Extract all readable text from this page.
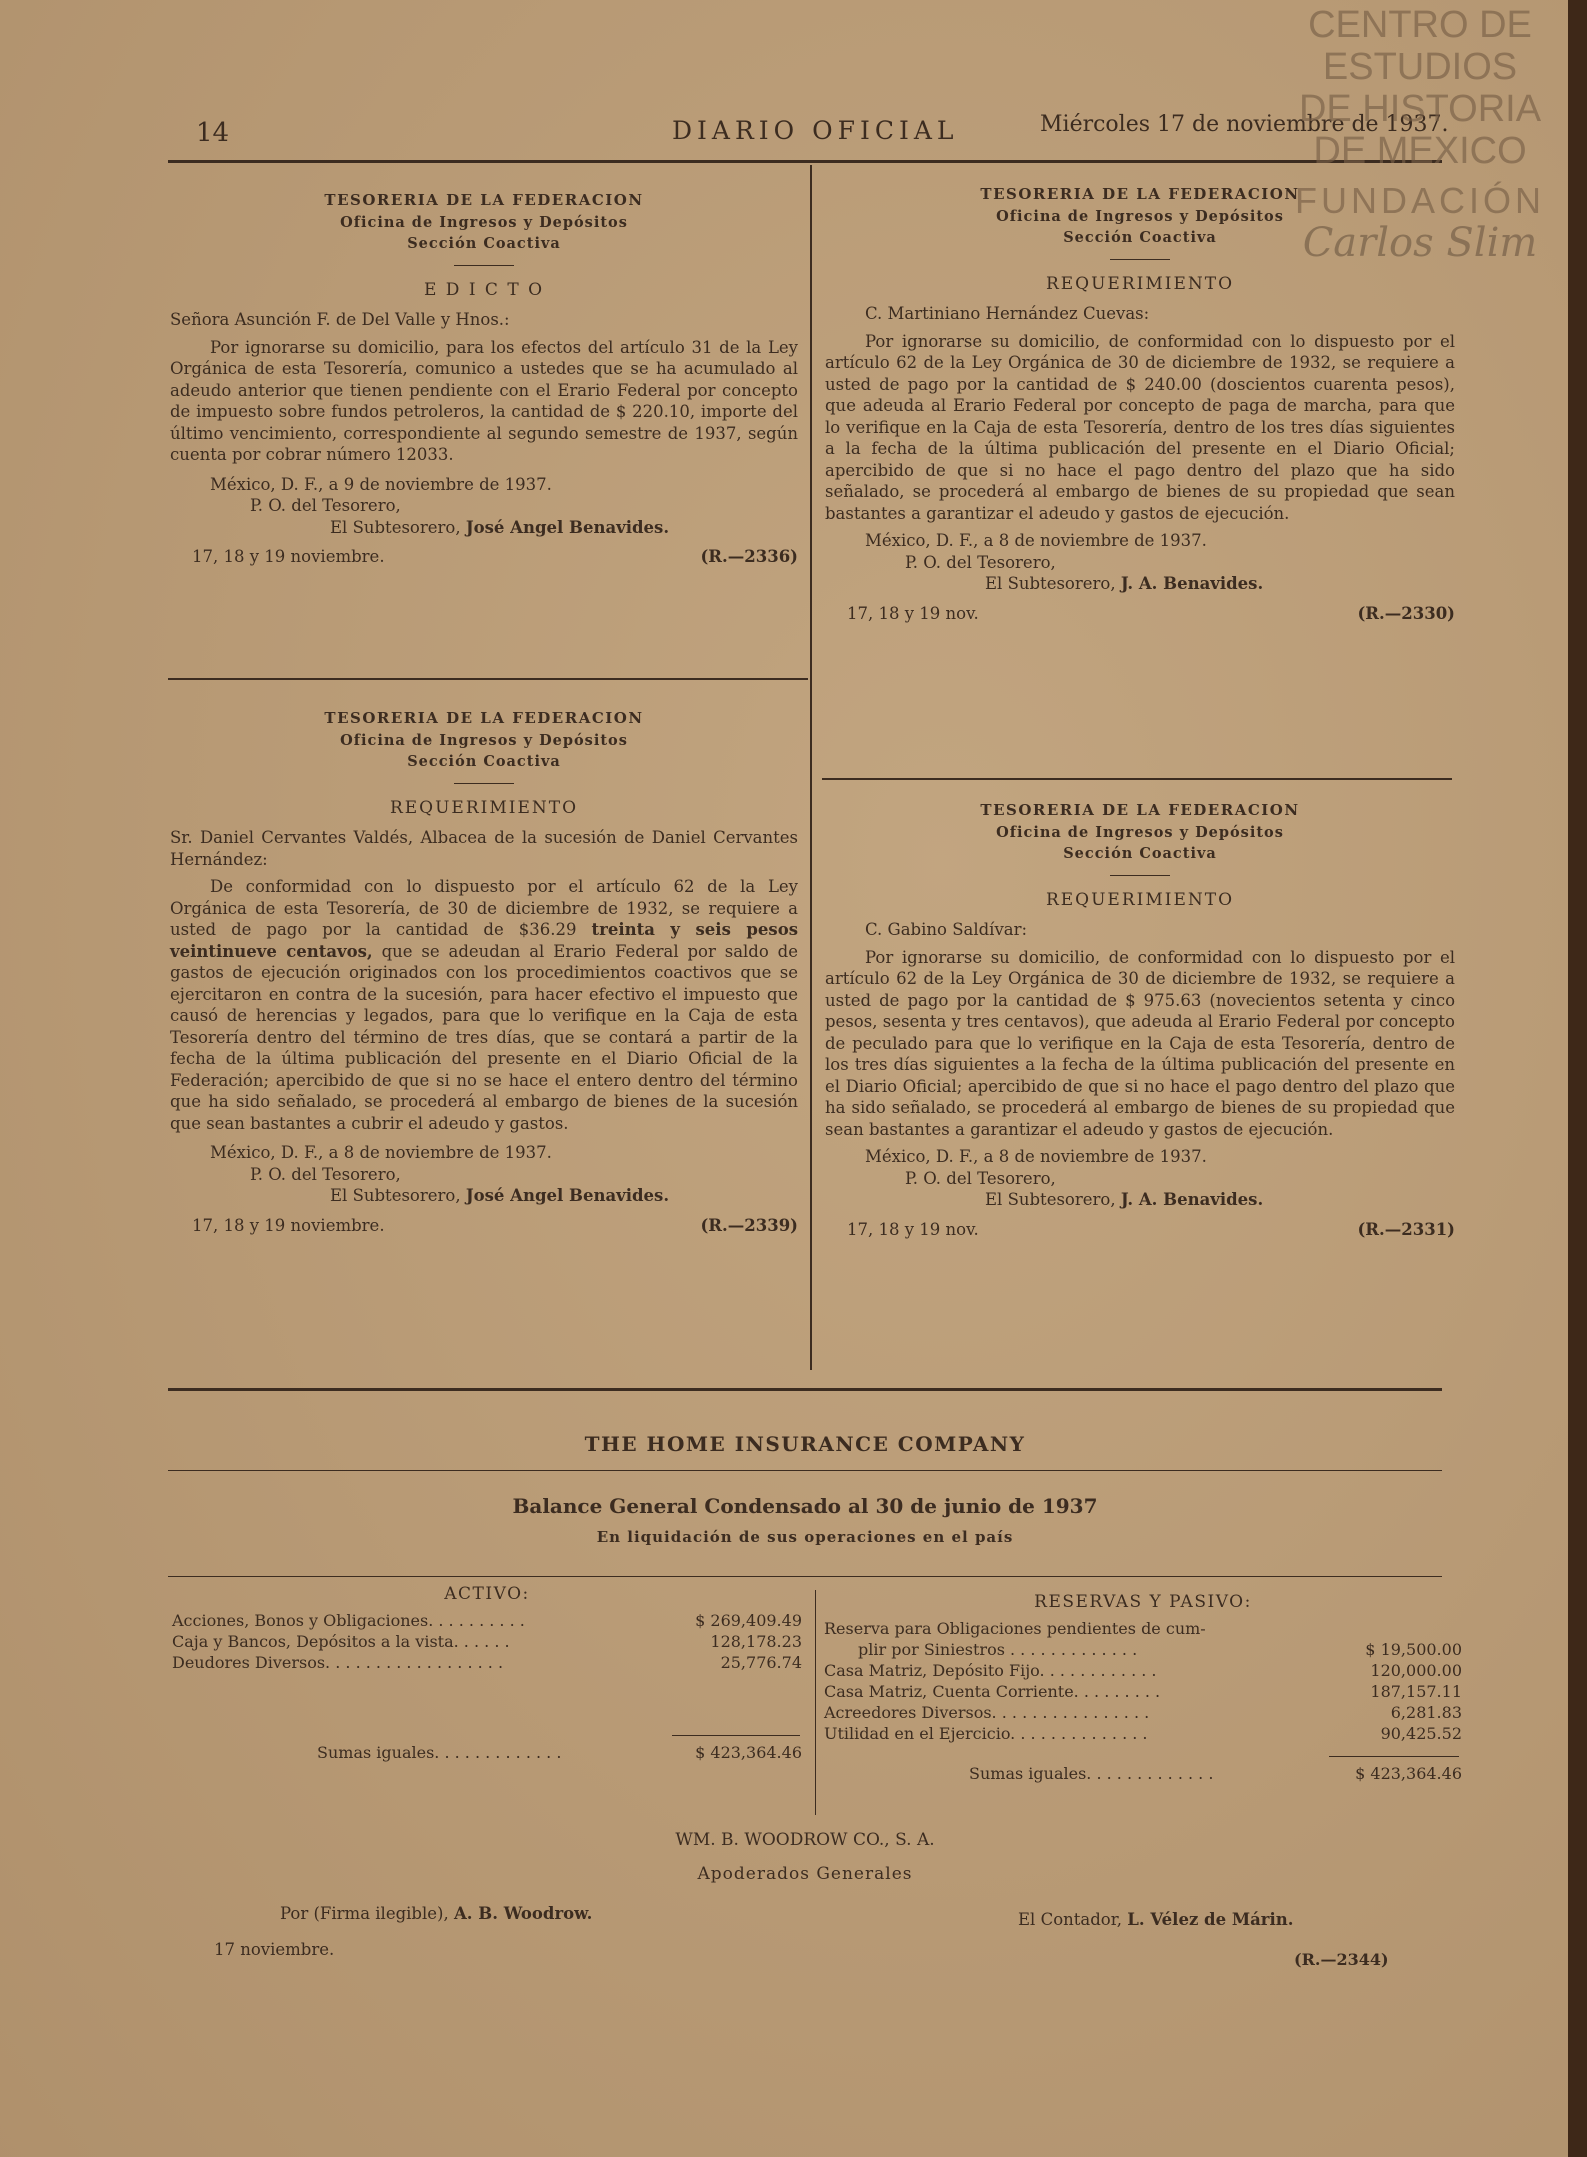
14	DIARIO OFICIAL	Miércoles 17 de noviembre de 1937.
CENTRO DE
ESTUDIOS
DE HISTORIA
DE MEXICO
FUNDACIÓN
Carlos Slim
TESORERIA DE LA FEDERACION
Oficina de Ingresos y Depósitos
Sección Coactiva
E D I C T O

Señora Asunción F. de Del Valle y Hnos.:

Por ignorarse su domicilio, para los efectos del artículo 31 de la Ley Orgánica de esta Tesorería, comunico a ustedes que se ha acumulado al adeudo anterior que tienen pendiente con el Erario Federal por concepto de impuesto sobre fundos petroleros, la cantidad de $ 220.10, importe del último vencimiento, correspondiente al segundo semestre de 1937, según cuenta por cobrar número 12033.

México, D. F., a 9 de noviembre de 1937.

P. O. del Tesorero,

El Subtesorero, José Angel Benavides.

17, 18 y 19 noviembre.	(R.—2336)
TESORERIA DE LA FEDERACION
Oficina de Ingresos y Depósitos
Sección Coactiva
REQUERIMIENTO

Sr. Daniel Cervantes Valdés, Albacea de la sucesión de Daniel Cervantes Hernández:

De conformidad con lo dispuesto por el artículo 62 de la Ley Orgánica de esta Tesorería, de 30 de diciembre de 1932, se requiere a usted de pago por la cantidad de $36.29 treinta y seis pesos veintinueve centavos, que se adeudan al Erario Federal por saldo de gastos de ejecución originados con los procedimientos coactivos que se ejercitaron en contra de la sucesión, para hacer efectivo el impuesto que causó de herencias y legados, para que lo verifique en la Caja de esta Tesorería dentro del término de tres días, que se contará a partir de la fecha de la última publicación del presente en el Diario Oficial de la Federación; apercibido de que si no se hace el entero dentro del término que ha sido señalado, se procederá al embargo de bienes de la sucesión que sean bastantes a cubrir el adeudo y gastos.

México, D. F., a 8 de noviembre de 1937.

P. O. del Tesorero,

El Subtesorero, José Angel Benavides.

17, 18 y 19 noviembre.	(R.—2339)
TESORERIA DE LA FEDERACION
Oficina de Ingresos y Depósitos
Sección Coactiva
REQUERIMIENTO

C. Martiniano Hernández Cuevas:

Por ignorarse su domicilio, de conformidad con lo dispuesto por el artículo 62 de la Ley Orgánica de 30 de diciembre de 1932, se requiere a usted de pago por la cantidad de $ 240.00 (doscientos cuarenta pesos), que adeuda al Erario Federal por concepto de paga de marcha, para que lo verifique en la Caja de esta Tesorería, dentro de los tres días siguientes a la fecha de la última publicación del presente en el Diario Oficial; apercibido de que si no hace el pago dentro del plazo que ha sido señalado, se procederá al embargo de bienes de su propiedad que sean bastantes a garantizar el adeudo y gastos de ejecución.

México, D. F., a 8 de noviembre de 1937.

P. O. del Tesorero,

El Subtesorero, J. A. Benavides.

17, 18 y 19 nov.	(R.—2330)
TESORERIA DE LA FEDERACION
Oficina de Ingresos y Depósitos
Sección Coactiva
REQUERIMIENTO

C. Gabino Saldívar:

Por ignorarse su domicilio, de conformidad con lo dispuesto por el artículo 62 de la Ley Orgánica de 30 de diciembre de 1932, se requiere a usted de pago por la cantidad de $ 975.63 (novecientos setenta y cinco pesos, sesenta y tres centavos), que adeuda al Erario Federal por concepto de peculado para que lo verifique en la Caja de esta Tesorería, dentro de los tres días siguientes a la fecha de la última publicación del presente en el Diario Oficial; apercibido de que si no hace el pago dentro del plazo que ha sido señalado, se procederá al embargo de bienes de su propiedad que sean bastantes a garantizar el adeudo y gastos de ejecución.

México, D. F., a 8 de noviembre de 1937.

P. O. del Tesorero,

El Subtesorero, J. A. Benavides.

17, 18 y 19 nov.	(R.—2331)
THE HOME INSURANCE COMPANY
Balance General Condensado al 30 de junio de 1937
En liquidación de sus operaciones en el país
ACTIVO:
Acciones, Bonos y Obligaciones. . . . . . . . . .	$ 269,409.49
Caja y Bancos, Depósitos a la vista. . . . . .	128,178.23
Deudores Diversos. . . . . . . . . . . . . . . . . .	25,776.74
Sumas iguales. . . . . . . . . . . . .	$ 423,364.46
RESERVAS Y PASIVO:
Reserva para Obligaciones pendientes de cum-
plir por Siniestros . . . . . . . . . . . . .	$ 19,500.00
Casa Matriz, Depósito Fijo. . . . . . . . . . . .	120,000.00
Casa Matriz, Cuenta Corriente. . . . . . . . .	187,157.11
Acreedores Diversos. . . . . . . . . . . . . . . .	6,281.83
Utilidad en el Ejercicio. . . . . . . . . . . . . .	90,425.52
Sumas iguales. . . . . . . . . . . . .	$ 423,364.46
WM. B. WOODROW CO., S. A.
Apoderados Generales
Por (Firma ilegible), A. B. Woodrow.	El Contador, L. Vélez de Márin.
17 noviembre.
(R.—2344)
